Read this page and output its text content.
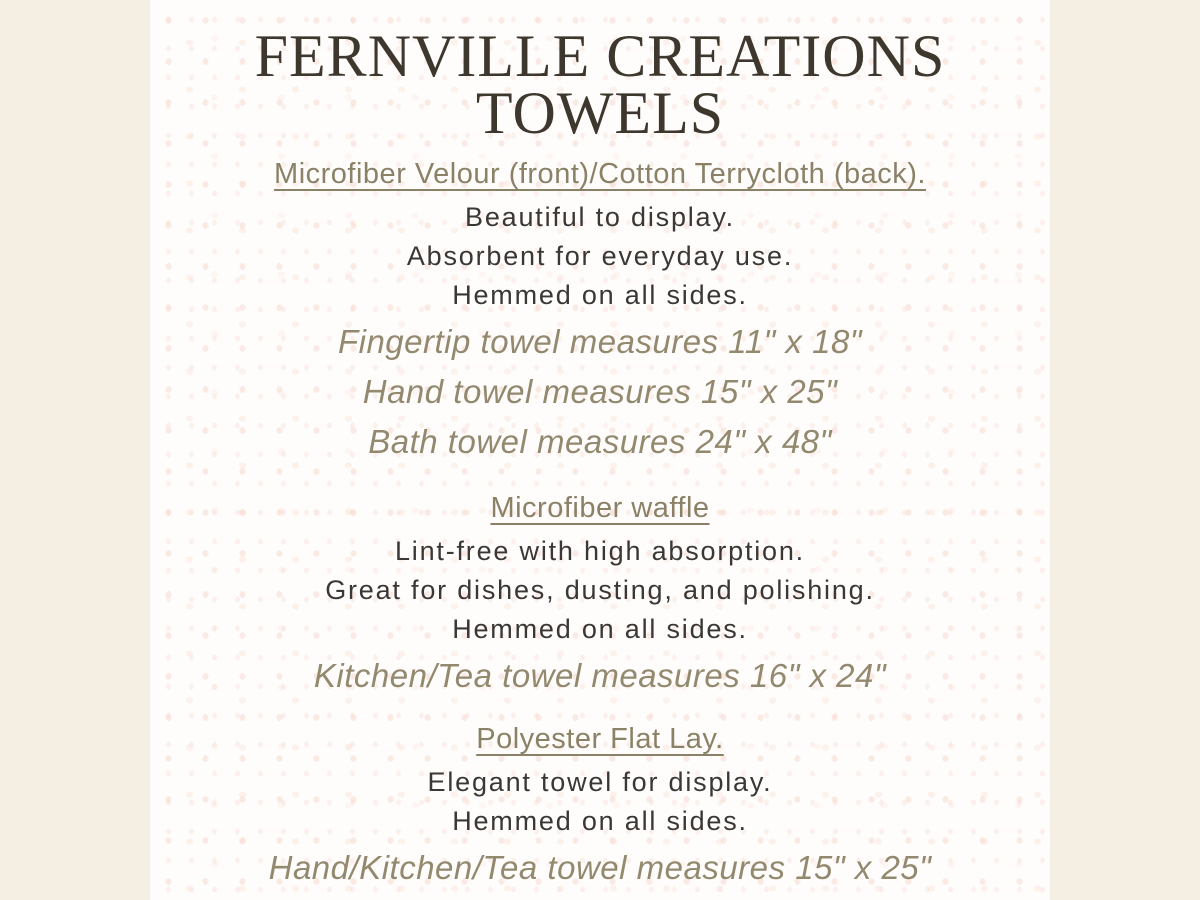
FERNVILLE CREATIONS
TOWELS
Microfiber Velour (front)/Cotton Terrycloth (back).
Beautiful to display.
Absorbent for everyday use.
Hemmed on all sides.
Fingertip towel measures 11" x 18"
Hand towel measures 15" x 25"
Bath towel measures 24" x 48"
Microfiber waffle
Lint-free with high absorption.
Great for dishes, dusting, and polishing.
Hemmed on all sides.
Kitchen/Tea towel measures 16" x 24"
Polyester Flat Lay.
Elegant towel for display.
Hemmed on all sides.
Hand/Kitchen/Tea towel measures 15" x 25"
